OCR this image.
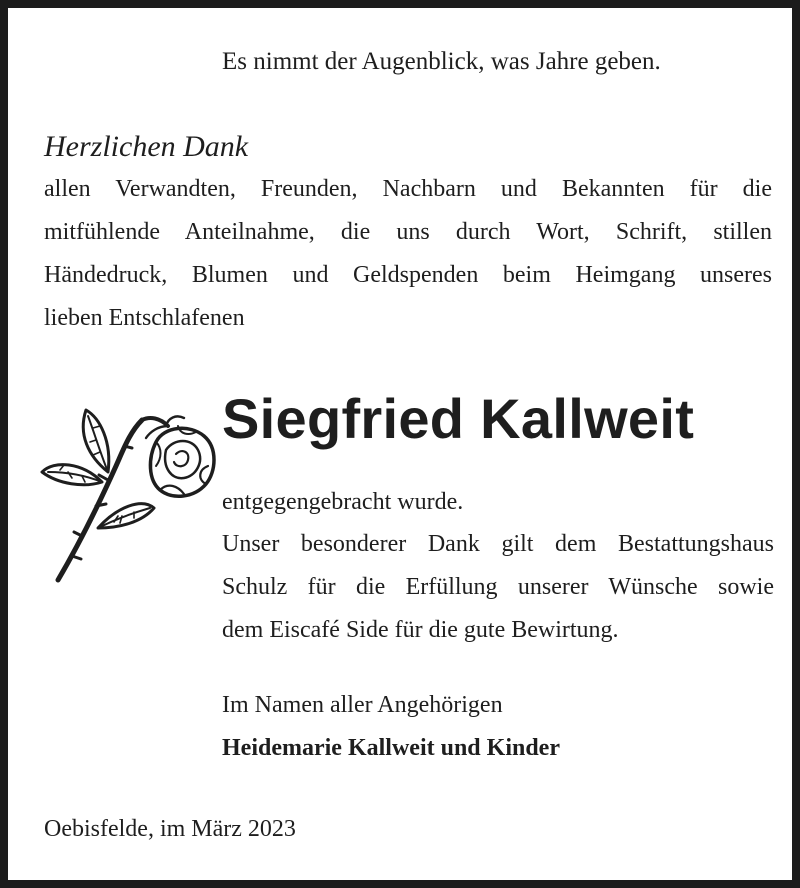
Es nimmt der Augenblick, was Jahre geben.
Herzlichen Dank
allen Verwandten, Freunden, Nachbarn und Bekannten für die
mitfühlende Anteilnahme, die uns durch Wort, Schrift, stillen
Händedruck, Blumen und Geldspenden beim Heimgang unseres
lieben Entschlafenen
Siegfried Kallweit
entgegengebracht wurde.
Unser besonderer Dank gilt dem Bestattungshaus
Schulz für die Erfüllung unserer Wünsche sowie
dem Eiscafé Side für die gute Bewirtung.
Im Namen aller Angehörigen
Heidemarie Kallweit und Kinder
Oebisfelde, im März 2023
